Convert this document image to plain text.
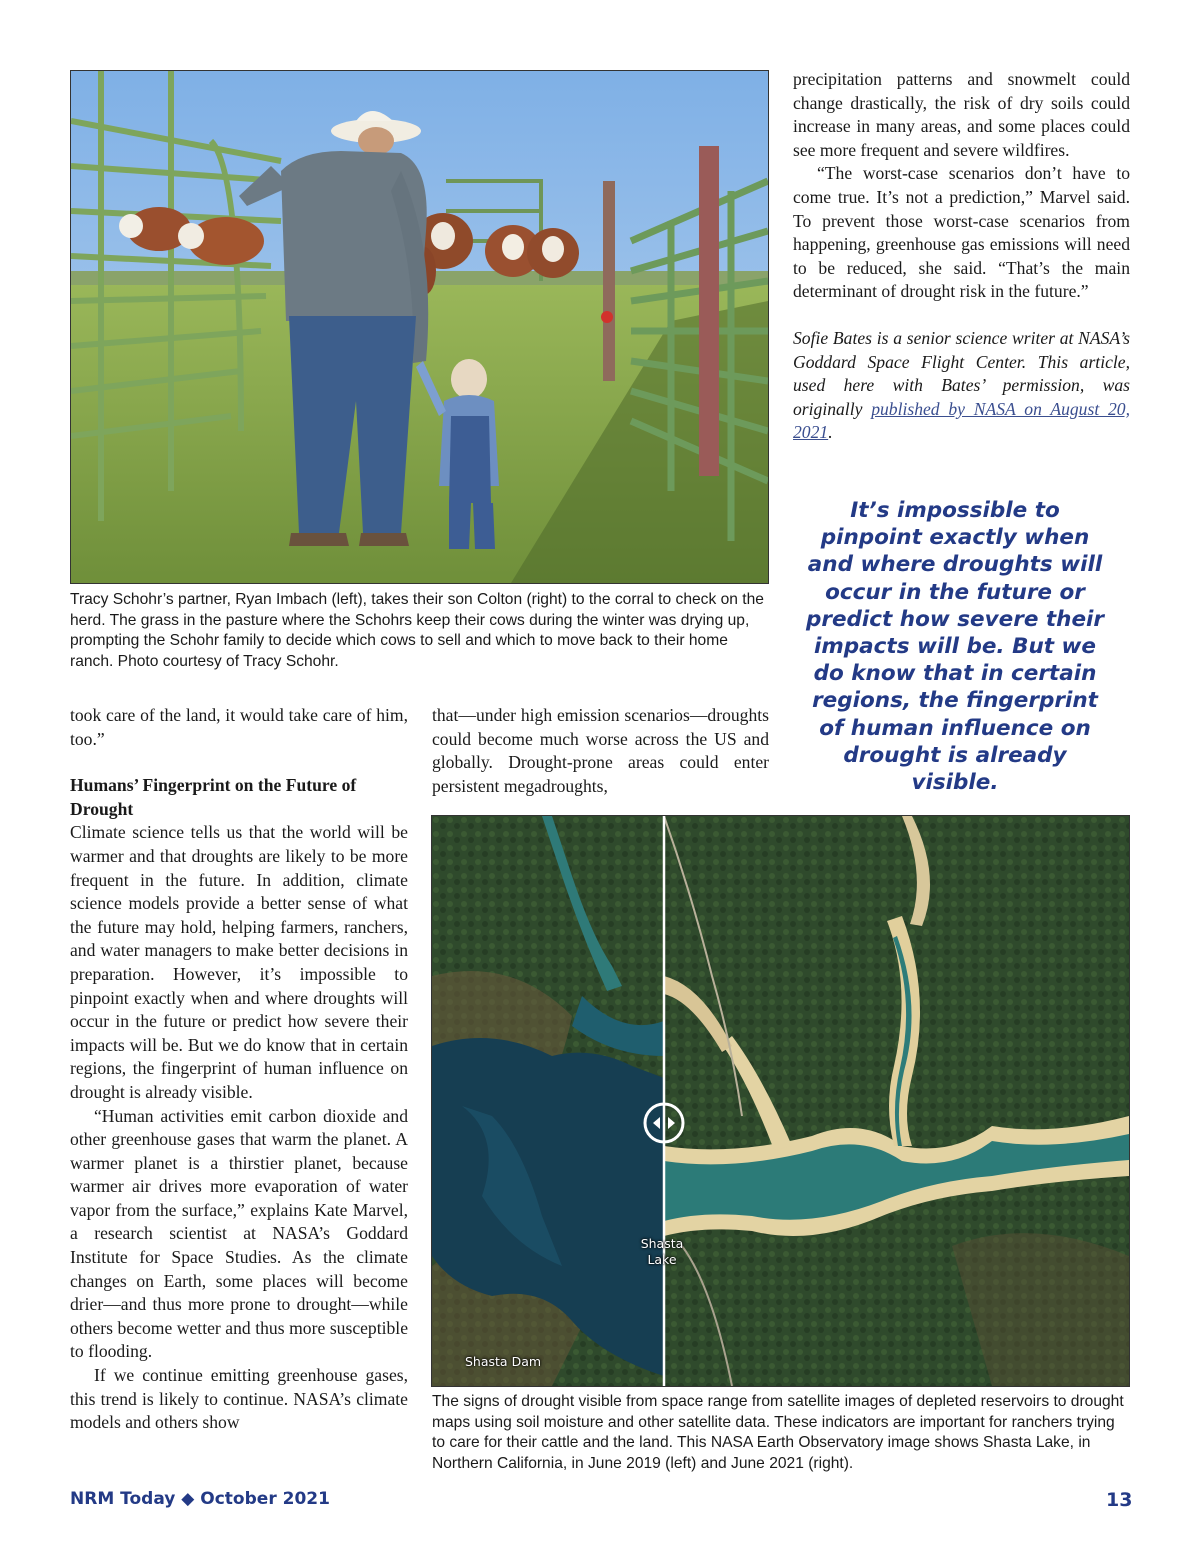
Tracy Schohr’s partner, Ryan Imbach (left), takes their son Colton (right) to the corral to check on the herd. The grass in the pasture where the Schohrs keep their cows during the winter was drying up, prompting the Schohr family to decide which cows to sell and which to move back to their home ranch. Photo courtesy of Tracy Schohr.

precipitation patterns and snowmelt could change drastically, the risk of dry soils could increase in many areas, and some places could see more frequent and severe wildfires.

“The worst-case scenarios don’t have to come true. It’s not a prediction,” Marvel said. To prevent those worst-case scenarios from happening, greenhouse gas emissions will need to be reduced, she said. “That’s the main determinant of drought risk in the future.”

Sofie Bates is a senior science writer at NASA’s Goddard Space Flight Center. This article, used here with Bates’ permission, was originally published by NASA on August 20, 2021.

It’s impossible to pinpoint exactly when and where droughts will occur in the future or predict how severe their impacts will be. But we do know that in certain regions, the fingerprint of human influence on drought is already visible.

took care of the land, it would take care of him, too.”

Humans’ Fingerprint on the Future of Drought

Climate science tells us that the world will be warmer and that droughts are likely to be more frequent in the future. In addition, climate science models provide a better sense of what the future may hold, helping farmers, ranchers, and water managers to make better decisions in preparation. However, it’s impossible to pinpoint exactly when and where droughts will occur in the future or predict how severe their impacts will be. But we do know that in certain regions, the fingerprint of human influence on drought is already visible.

“Human activities emit carbon dioxide and other greenhouse gases that warm the planet. A warmer planet is a thirstier planet, because warmer air drives more evaporation of water vapor from the surface,” explains Kate Marvel, a research scientist at NASA’s Goddard Institute for Space Studies. As the climate changes on Earth, some places will become drier—and thus more prone to drought—while others become wetter and thus more susceptible to flooding.

If we continue emitting greenhouse gases, this trend is likely to continue. NASA’s climate models and others show

that—under high emission scenarios—droughts could become much worse across the US and globally. Drought-prone areas could enter persistent megadroughts,

Shasta Lake
Shasta Dam
The signs of drought visible from space range from satellite images of depleted reservoirs to drought maps using soil moisture and other satellite data. These indicators are important for ranchers trying to care for their cattle and the land. This NASA Earth Observatory image shows Shasta Lake, in Northern California, in June 2019 (left) and June 2021 (right).
NRM Today ◆ October 2021	13
